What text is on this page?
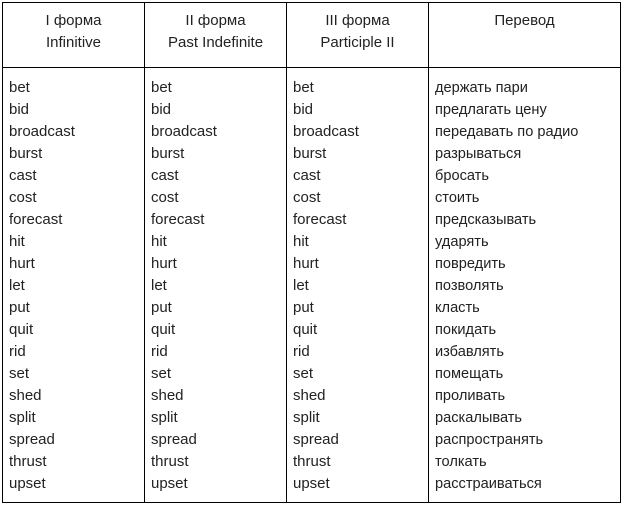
I форма
Infinitive
bet
bid
broadcast
burst
cast
cost
forecast
hit
hurt
let
put
quit
rid
set
shed
split
spread
thrust
upset
II форма
Past Indefinite
bet
bid
broadcast
burst
cast
cost
forecast
hit
hurt
let
put
quit
rid
set
shed
split
spread
thrust
upset
III форма
Participle II
bet
bid
broadcast
burst
cast
cost
forecast
hit
hurt
let
put
quit
rid
set
shed
split
spread
thrust
upset
Перевод
держать пари
предлагать цену
передавать по радио
разрываться
бросать
стоить
предсказывать
ударять
повредить
позволять
класть
покидать
избавлять
помещать
проливать
раскалывать
распространять
толкать
расстраиваться
